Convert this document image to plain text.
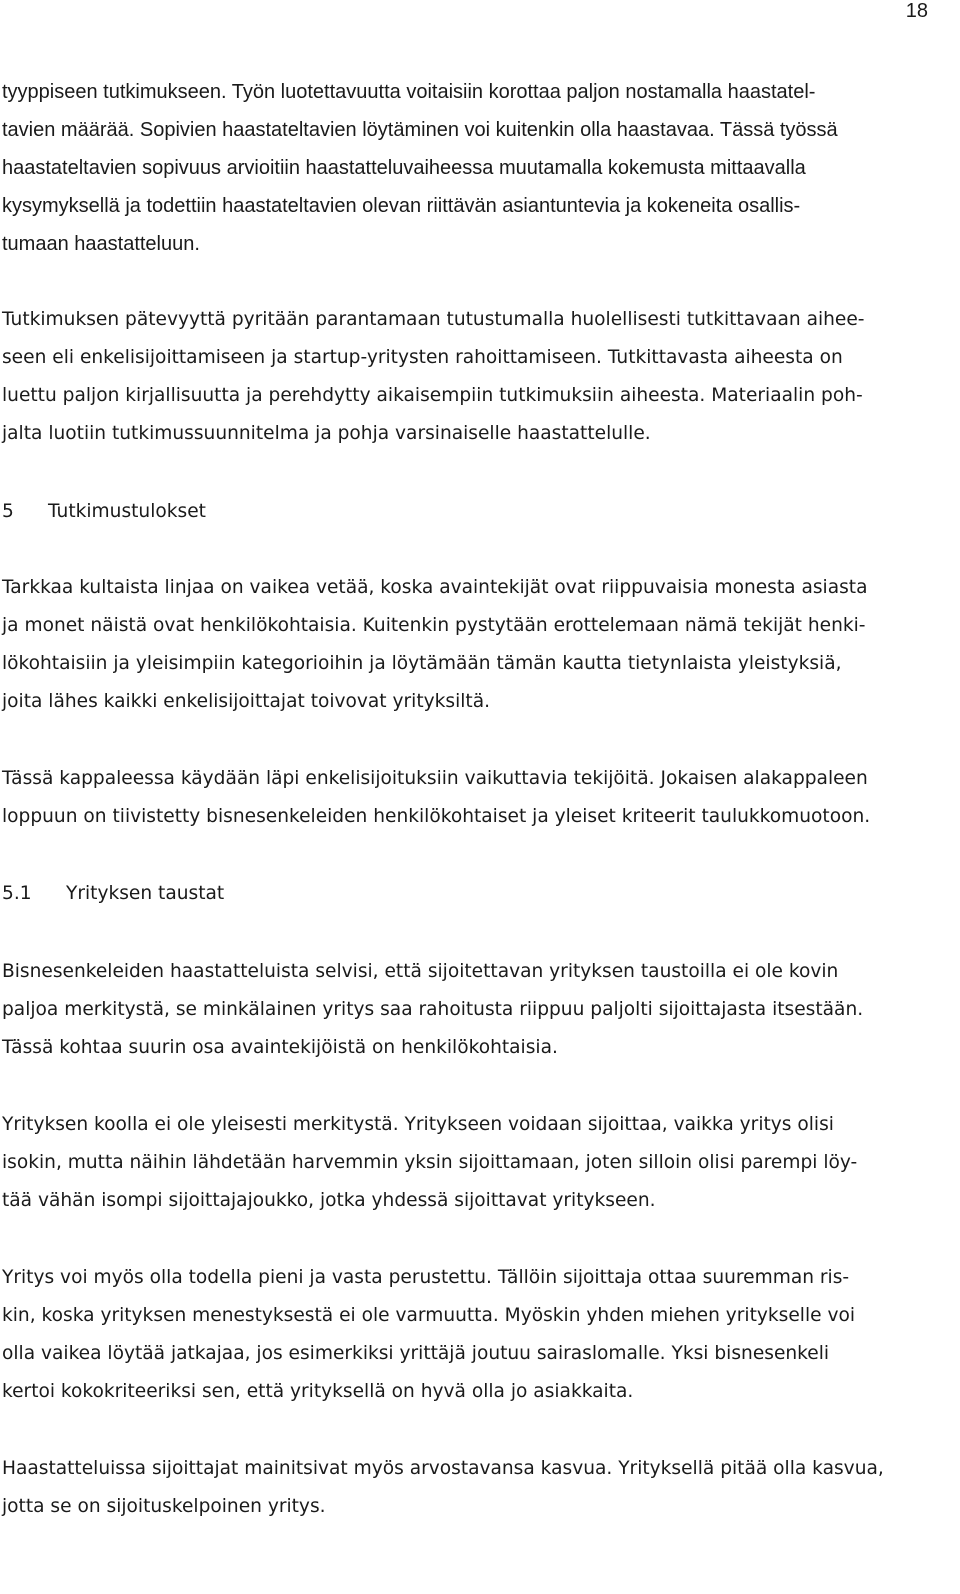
18
tyyppiseen tutkimukseen. Työn luotettavuutta voitaisiin korottaa paljon nostamalla haastatel-
tavien määrää. Sopivien haastateltavien löytäminen voi kuitenkin olla haastavaa. Tässä työssä
haastateltavien sopivuus arvioitiin haastatteluvaiheessa muutamalla kokemusta mittaavalla
kysymyksellä ja todettiin haastateltavien olevan riittävän asiantuntevia ja kokeneita osallis-
tumaan haastatteluun.
Tutkimuksen pätevyyttä pyritään parantamaan tutustumalla huolellisesti tutkittavaan aihee-
seen eli enkelisijoittamiseen ja startup-yritysten rahoittamiseen. Tutkittavasta aiheesta on
luettu paljon kirjallisuutta ja perehdytty aikaisempiin tutkimuksiin aiheesta. Materiaalin poh-
jalta luotiin tutkimussuunnitelma ja pohja varsinaiselle haastattelulle.
5 Tutkimustulokset
Tarkkaa kultaista linjaa on vaikea vetää, koska avaintekijät ovat riippuvaisia monesta asiasta
ja monet näistä ovat henkilökohtaisia. Kuitenkin pystytään erottelemaan nämä tekijät henki-
lökohtaisiin ja yleisimpiin kategorioihin ja löytämään tämän kautta tietynlaista yleistyksiä,
joita lähes kaikki enkelisijoittajat toivovat yrityksiltä.
Tässä kappaleessa käydään läpi enkelisijoituksiin vaikuttavia tekijöitä. Jokaisen alakappaleen
loppuun on tiivistetty bisnesenkeleiden henkilökohtaiset ja yleiset kriteerit taulukkomuotoon.
5.1 Yrityksen taustat
Bisnesenkeleiden haastatteluista selvisi, että sijoitettavan yrityksen taustoilla ei ole kovin
paljoa merkitystä, se minkälainen yritys saa rahoitusta riippuu paljolti sijoittajasta itsestään.
Tässä kohtaa suurin osa avaintekijöistä on henkilökohtaisia.
Yrityksen koolla ei ole yleisesti merkitystä. Yritykseen voidaan sijoittaa, vaikka yritys olisi
isokin, mutta näihin lähdetään harvemmin yksin sijoittamaan, joten silloin olisi parempi löy-
tää vähän isompi sijoittajajoukko, jotka yhdessä sijoittavat yritykseen.
Yritys voi myös olla todella pieni ja vasta perustettu. Tällöin sijoittaja ottaa suuremman ris-
kin, koska yrityksen menestyksestä ei ole varmuutta. Myöskin yhden miehen yritykselle voi
olla vaikea löytää jatkajaa, jos esimerkiksi yrittäjä joutuu sairaslomalle. Yksi bisnesenkeli
kertoi kokokriteeriksi sen, että yrityksellä on hyvä olla jo asiakkaita.
Haastatteluissa sijoittajat mainitsivat myös arvostavansa kasvua. Yrityksellä pitää olla kasvua,
jotta se on sijoituskelpoinen yritys.
